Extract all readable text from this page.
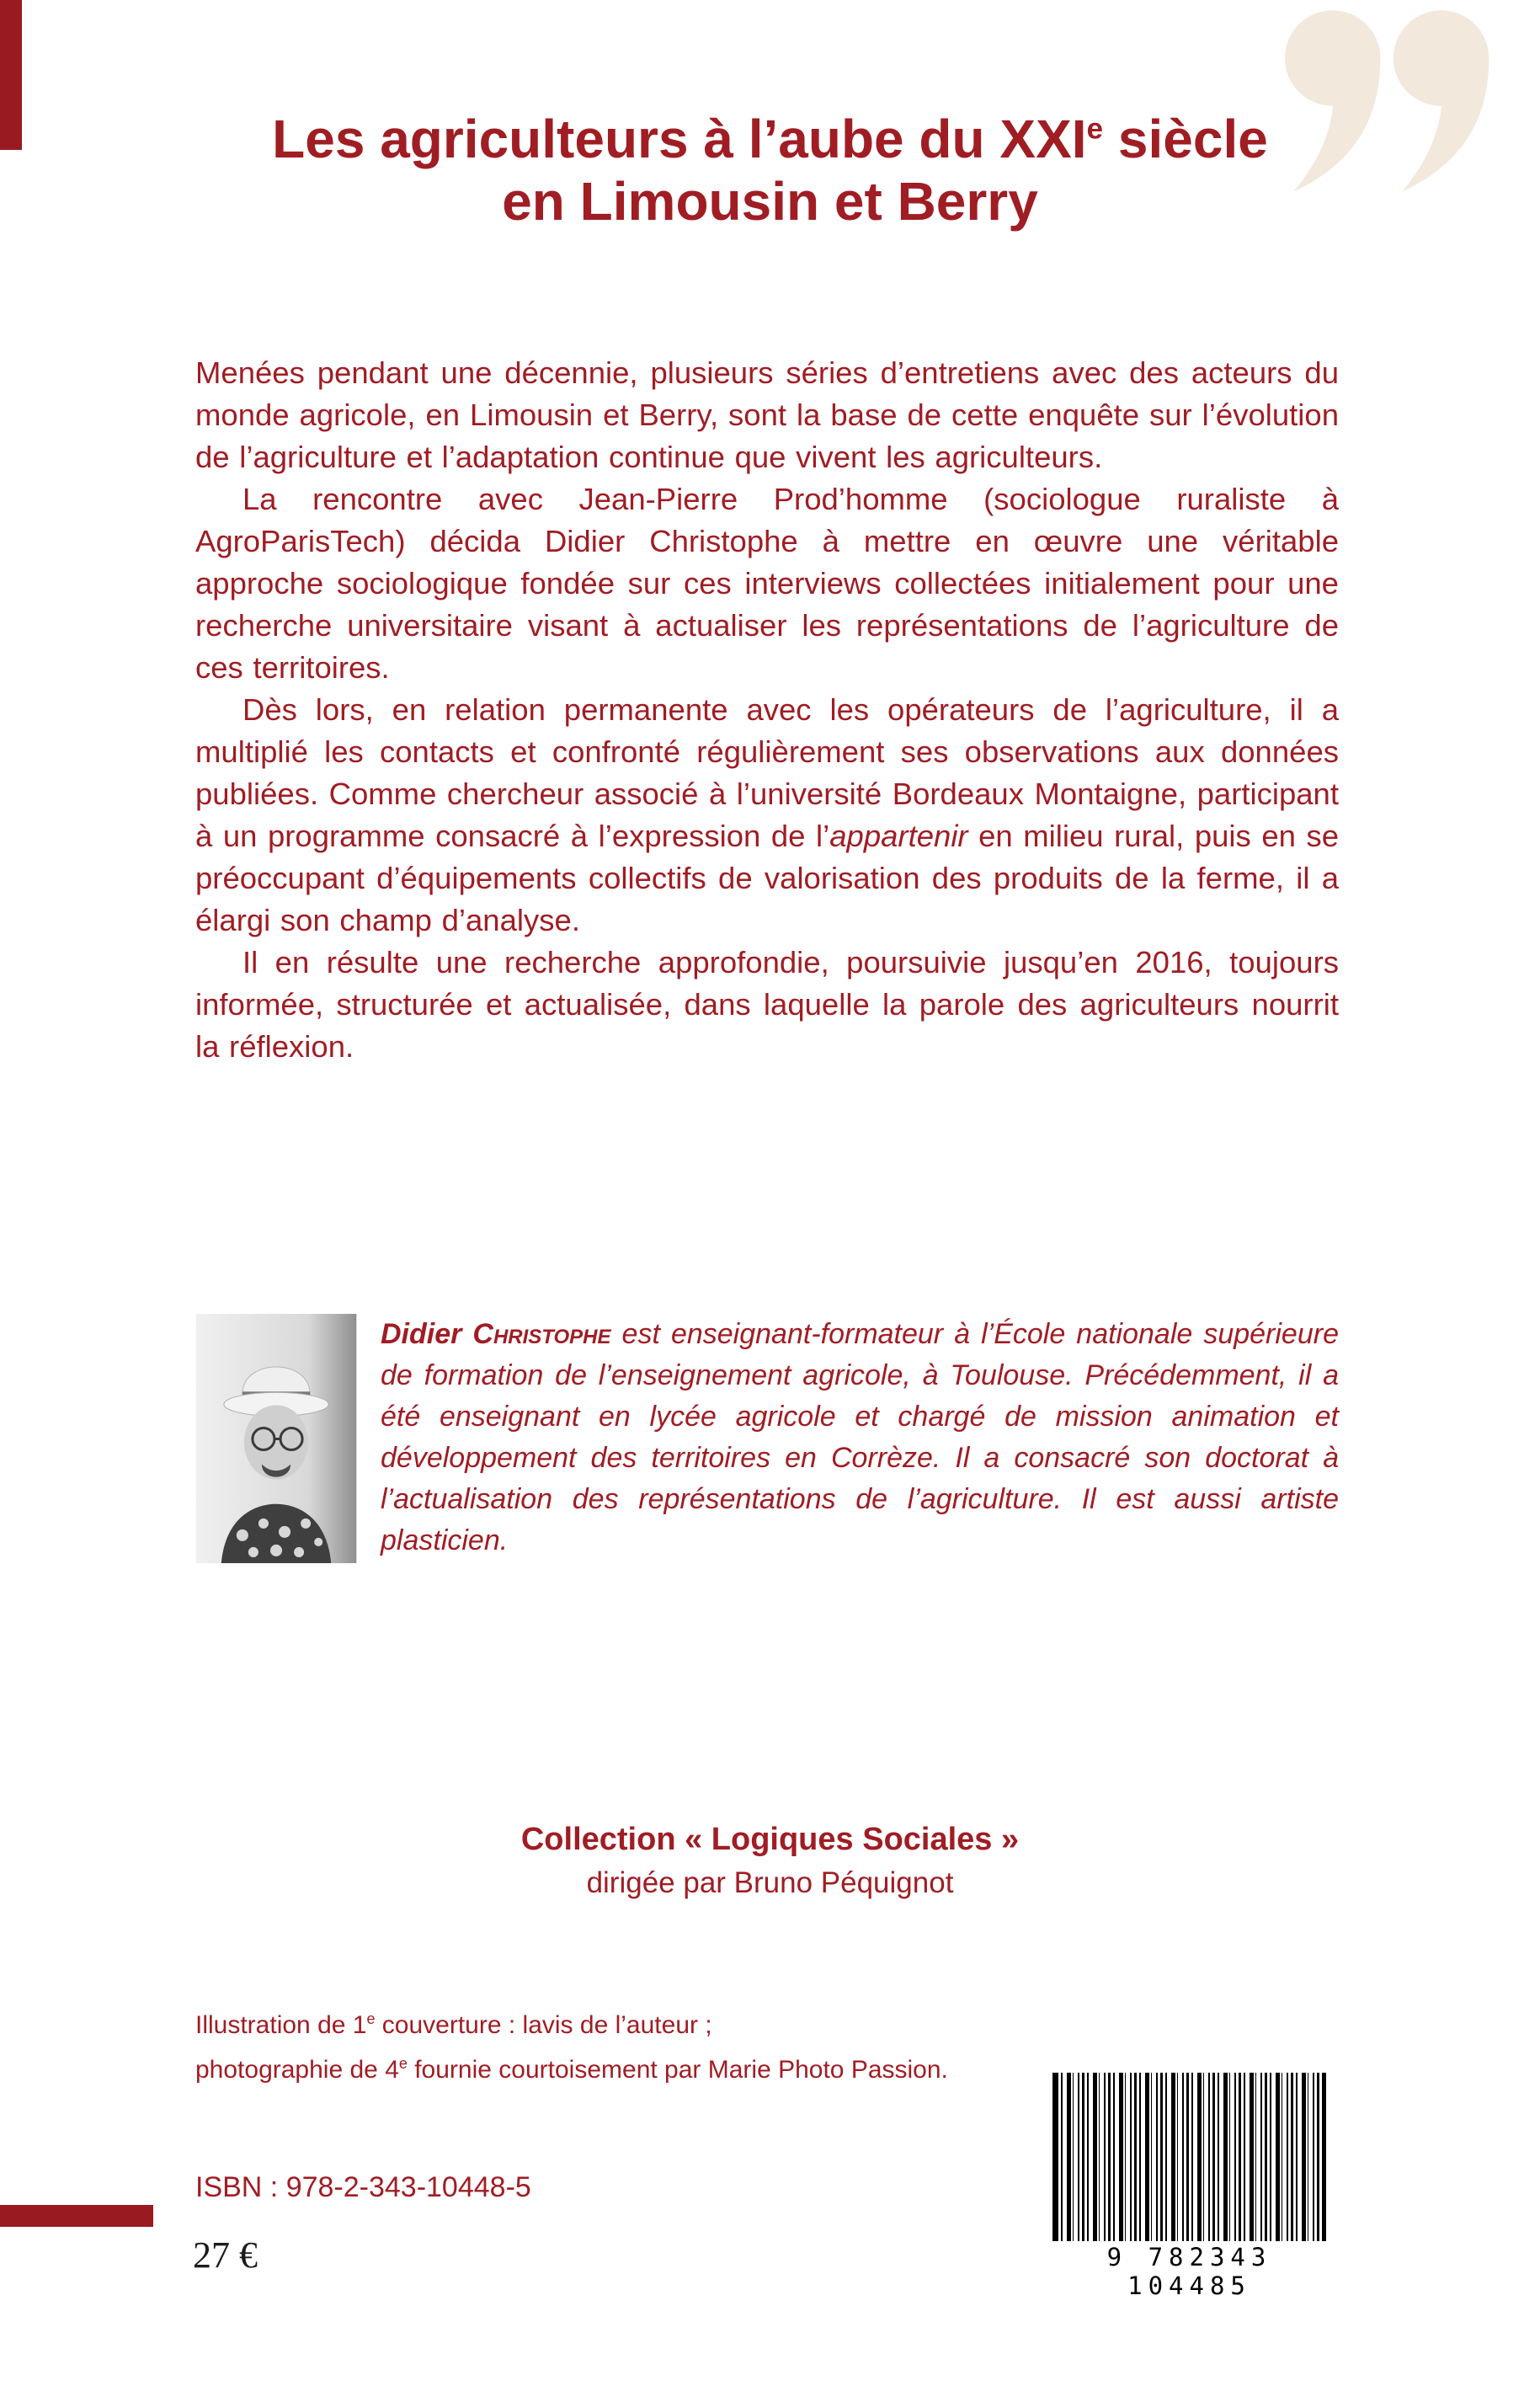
Les agriculteurs à l’aube du XXIe siècle
en Limousin et Berry

Menées pendant une décennie, plusieurs séries d’entretiens avec des acteurs du monde agricole, en Limousin et Berry, sont la base de cette enquête sur l’évolution de l’agriculture et l’adaptation continue que vivent les agriculteurs.

La rencontre avec Jean-Pierre Prod’homme (sociologue ruraliste à AgroParisTech) décida Didier Christophe à mettre en œuvre une véritable approche sociologique fondée sur ces interviews collectées initialement pour une recherche universitaire visant à actualiser les représentations de l’agriculture de ces territoires.

Dès lors, en relation permanente avec les opérateurs de l’agriculture, il a multiplié les contacts et confronté régulièrement ses observations aux données publiées. Comme chercheur associé à l’université Bordeaux Montaigne, participant à un programme consacré à l’expression de l’appartenir en milieu rural, puis en se préoccupant d’équipements collectifs de valorisation des produits de la ferme, il a élargi son champ d’analyse.

Il en résulte une recherche approfondie, poursuivie jusqu’en 2016, toujours informée, structurée et actualisée, dans laquelle la parole des agriculteurs nourrit la réflexion.

Didier Christophe est enseignant-formateur à l’École nationale supérieure de formation de l’enseignement agricole, à Toulouse. Précédemment, il a été enseignant en lycée agricole et chargé de mission animation et développement des territoires en Corrèze. Il a consacré son doctorat à l’actualisation des représentations de l’agriculture. Il est aussi artiste plasticien.

Collection « Logiques Sociales »

dirigée par Bruno Péquignot

Illustration de 1e couverture : lavis de l’auteur ;
photographie de 4e fournie courtoisement par Marie Photo Passion.
ISBN : 978-2-343-10448-5
27 €	9 782343 104485
